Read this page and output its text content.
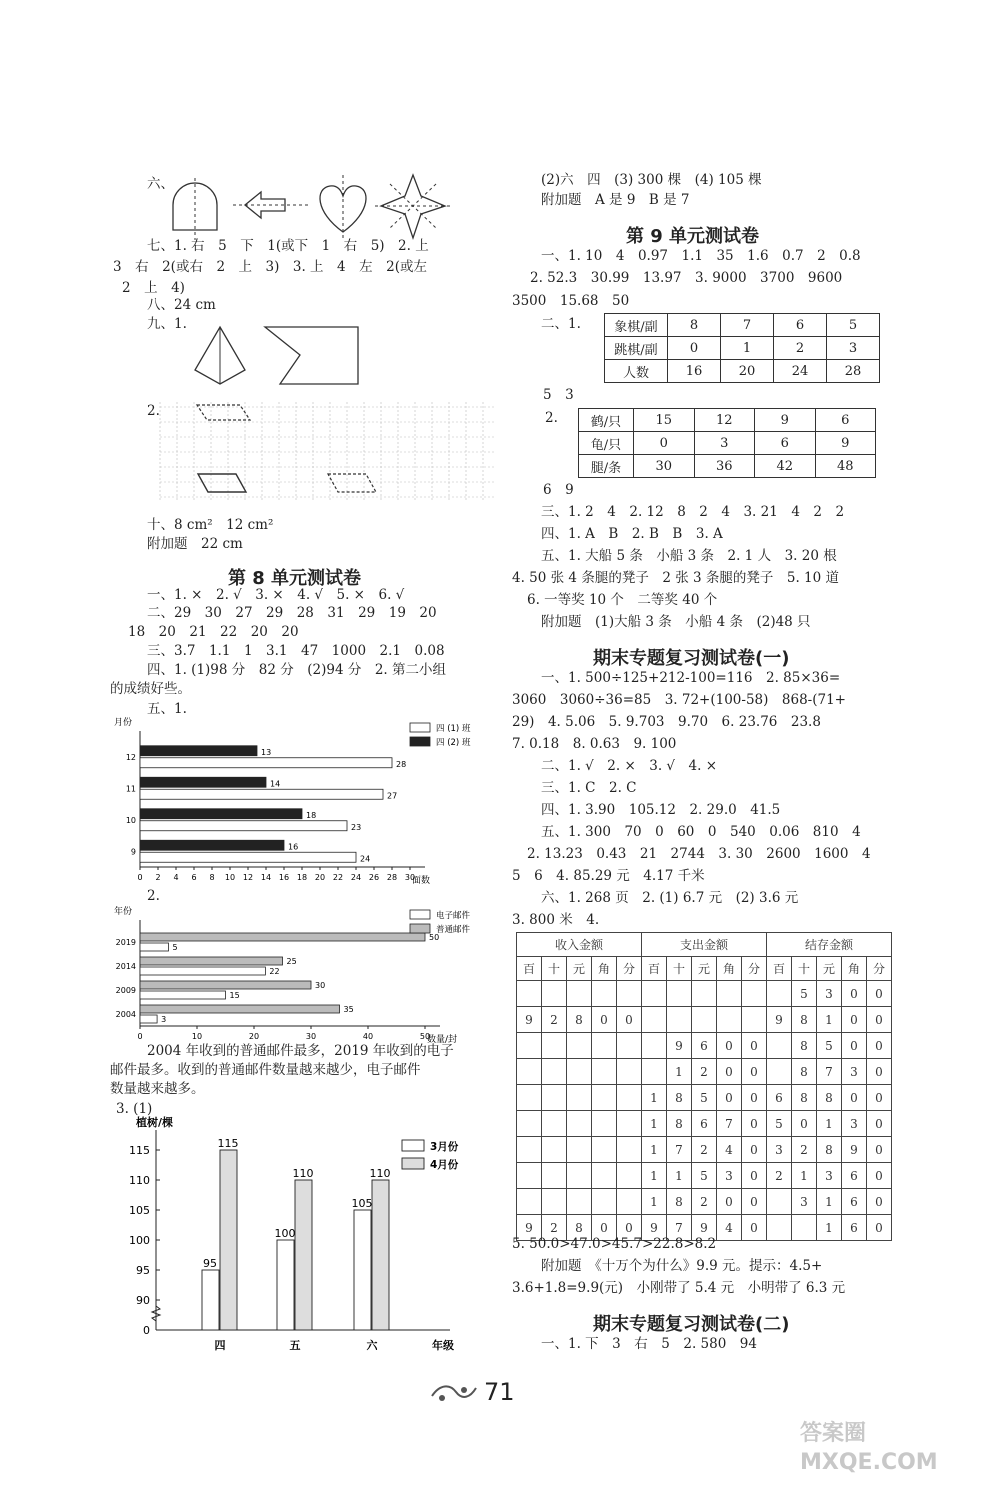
六、
七、1. 右　5　下　1(或下　1　右　5)　2. 上
3　右　2(或右　2　上　3)　3. 上　4　左　2(或左
2　上　4)
八、24 cm
九、1.
2.
十、8 cm²　12 cm²
附加题　22 cm
第 8 单元测试卷
一、1. ×　2. √　3. ×　4. √　5. ×　6. √
二、29　30　27　29　28　31　29　19　20
18　20　21　22　20　20
三、3.7　1.1　1　3.1　47　1000　2.1　0.08
四、1. (1)98 分　82 分　(2)94 分　2. 第二小组
的成绩好些。
五、1.
月份
面数
0 2 4 6 8 10 12 14 16 18 20 22 24 26 28 30
12
28
13
11
27
14
10
23
18
9
24
16
四 (1) 班
四 (2) 班
2.
年份
数量/封
0	10	20	30	40	50
2019
5
50
2014
22
25
2009
15
30
2004
3
35
电子邮件
普通邮件
2004 年收到的普通邮件最多，2019 年收到的电子
邮件最多。收到的普通邮件数量越来越少，电子邮件
数量越来越多。
3. (1)
植树/棵
年级
0
90
95
100
105
110
115
四
95
115
五
100
110
六
105
110
3月份
4月份
(2)六　四　(3) 300 棵　(4) 105 棵
附加题　A 是 9　B 是 7
第 9 单元测试卷
一、1. 10　4　0.97　1.1　35　1.6　0.7　2　0.8
2. 52.3　30.99　13.97　3. 9000　3700　9600
3500　15.68　50
二、1.	象棋/副	8	7	6	5
跳棋/副	0	1	2	3
人数	16	20	24	28
5　3
2.	鹤/只	15	12	9	6
龟/只	0	3	6	9
腿/条	30	36	42	48
6　9
三、1. 2　4　2. 12　8　2　4　3. 21　4　2　2
四、1. A　B　2. B　B　3. A
五、1. 大船 5 条　小船 3 条　2. 1 人　3. 20 根
4. 50 张 4 条腿的凳子　2 张 3 条腿的凳子　5. 10 道
6. 一等奖 10 个　二等奖 40 个
附加题　(1)大船 3 条　小船 4 条　(2)48 只
期末专题复习测试卷(一)
一、1. 500÷125+212-100=116　2. 85×36=
3060　3060÷36=85　3. 72+(100-58)　868-(71+
29)　4. 5.06　5. 9.703　9.70　6. 23.76　23.8
7. 0.18　8. 0.63　9. 100
二、1. √　2. ×　3. √　4. ×
三、1. C　2. C
四、1. 3.90　105.12　2. 29.0　41.5
五、1. 300　70　0　60　0　540　0.06　810　4
2. 13.23　0.43　21　2744　3. 30　2600　1600　4
5　6　4. 85.29 元　4.17 千米
六、1. 268 页　2. (1) 6.7 元　(2) 3.6 元
3. 800 米　4.
收入金额					支出金额					结存金额				
百	十	元	角	分	百	十	元	角	分	百	十	元	角	分
											5	3	0	0
9	2	8	0	0						9	8	1	0	0
						9	6	0	0		8	5	0	0
						1	2	0	0		8	7	3	0
					1	8	5	0	0	6	8	8	0	0
					1	8	6	7	0	5	0	1	3	0
					1	7	2	4	0	3	2	8	9	0
					1	1	5	3	0	2	1	3	6	0
					1	8	2	0	0		3	1	6	0
9	2	8	0	0	9	7	9	4	0			1	6	0
5. 50.0>47.0>45.7>22.8>8.2
附加题　《十万个为什么》9.9 元。提示：4.5+
3.6+1.8=9.9(元)　小刚带了 5.4 元　小明带了 6.3 元
期末专题复习测试卷(二)
一、1. 下　3　右　5　2. 580　94
71
答案圈 MXQE.COM
